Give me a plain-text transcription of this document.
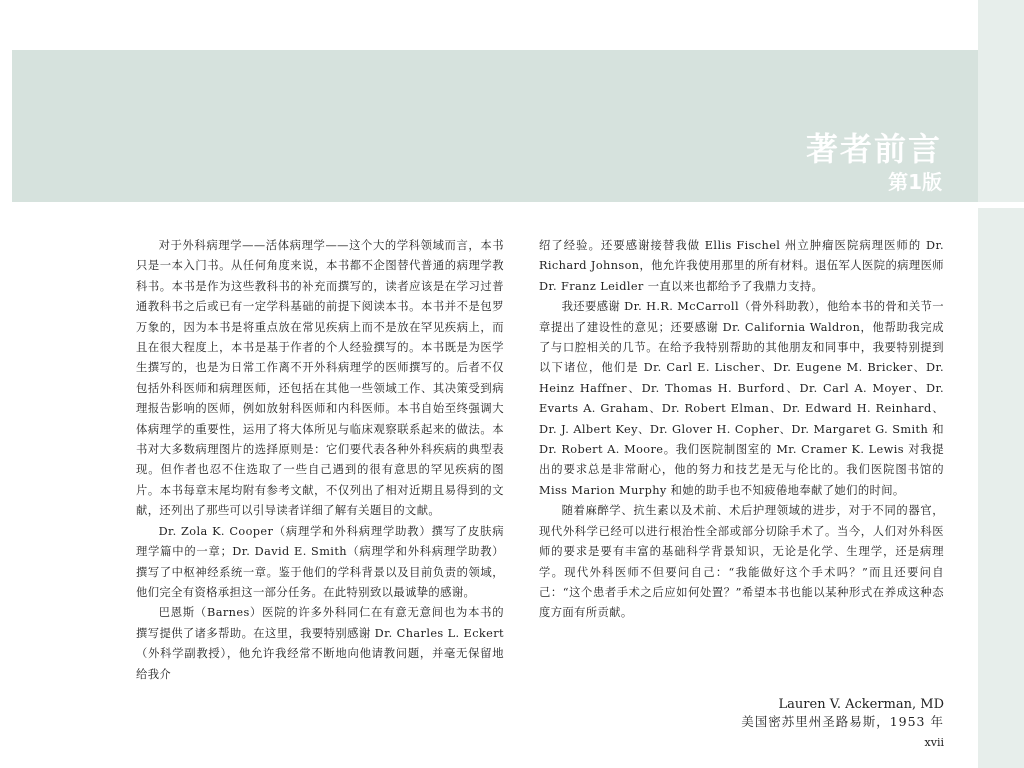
著者前言
第1版

对于外科病理学——活体病理学——这个大的学科领域而言，本书只是一本入门书。从任何角度来说，本书都不企图替代普通的病理学教科书。本书是作为这些教科书的补充而撰写的，读者应该是在学习过普通教科书之后或已有一定学科基础的前提下阅读本书。本书并不是包罗万象的，因为本书是将重点放在常见疾病上而不是放在罕见疾病上，而且在很大程度上，本书是基于作者的个人经验撰写的。本书既是为医学生撰写的，也是为日常工作离不开外科病理学的医师撰写的。后者不仅包括外科医师和病理医师，还包括在其他一些领域工作、其决策受到病理报告影响的医师，例如放射科医师和内科医师。本书自始至终强调大体病理学的重要性，运用了将大体所见与临床观察联系起来的做法。本书对大多数病理图片的选择原则是：它们要代表各种外科疾病的典型表现。但作者也忍不住选取了一些自己遇到的很有意思的罕见疾病的图片。本书每章末尾均附有参考文献，不仅列出了相对近期且易得到的文献，还列出了那些可以引导读者详细了解有关题目的文献。

Dr. Zola K. Cooper（病理学和外科病理学助教）撰写了皮肤病理学篇中的一章；Dr. David E. Smith（病理学和外科病理学助教）撰写了中枢神经系统一章。鉴于他们的学科背景以及目前负责的领域，他们完全有资格承担这一部分任务。在此特别致以最诚挚的感谢。

巴恩斯（Barnes）医院的许多外科同仁在有意无意间也为本书的撰写提供了诸多帮助。在这里，我要特别感谢 Dr. Charles L. Eckert（外科学副教授），他允许我经常不断地向他请教问题，并毫无保留地给我介

绍了经验。还要感谢接替我做 Ellis Fischel 州立肿瘤医院病理医师的 Dr. Richard Johnson，他允许我使用那里的所有材料。退伍军人医院的病理医师 Dr. Franz Leidler 一直以来也都给予了我鼎力支持。

我还要感谢 Dr. H.R. McCarroll（骨外科助教），他给本书的骨和关节一章提出了建设性的意见；还要感谢 Dr. California Waldron，他帮助我完成了与口腔相关的几节。在给予我特别帮助的其他朋友和同事中，我要特别提到以下诸位，他们是 Dr. Carl E. Lischer、Dr. Eugene M. Bricker、Dr. Heinz Haffner、Dr. Thomas H. Burford、Dr. Carl A. Moyer、Dr. Evarts A. Graham、Dr. Robert Elman、Dr. Edward H. Reinhard、Dr. J. Albert Key、Dr. Glover H. Copher、Dr. Margaret G. Smith 和 Dr. Robert A. Moore。我们医院制图室的 Mr. Cramer K. Lewis 对我提出的要求总是非常耐心，他的努力和技艺是无与伦比的。我们医院图书馆的 Miss Marion Murphy 和她的助手也不知疲倦地奉献了她们的时间。

随着麻醉学、抗生素以及术前、术后护理领域的进步，对于不同的器官，现代外科学已经可以进行根治性全部或部分切除手术了。当今，人们对外科医师的要求是要有丰富的基础科学背景知识，无论是化学、生理学，还是病理学。现代外科医师不但要问自己：“我能做好这个手术吗？”而且还要问自己：“这个患者手术之后应如何处置？”希望本书也能以某种形式在养成这种态度方面有所贡献。

Lauren V. Ackerman, MD
美国密苏里州圣路易斯，1953 年
xvii
